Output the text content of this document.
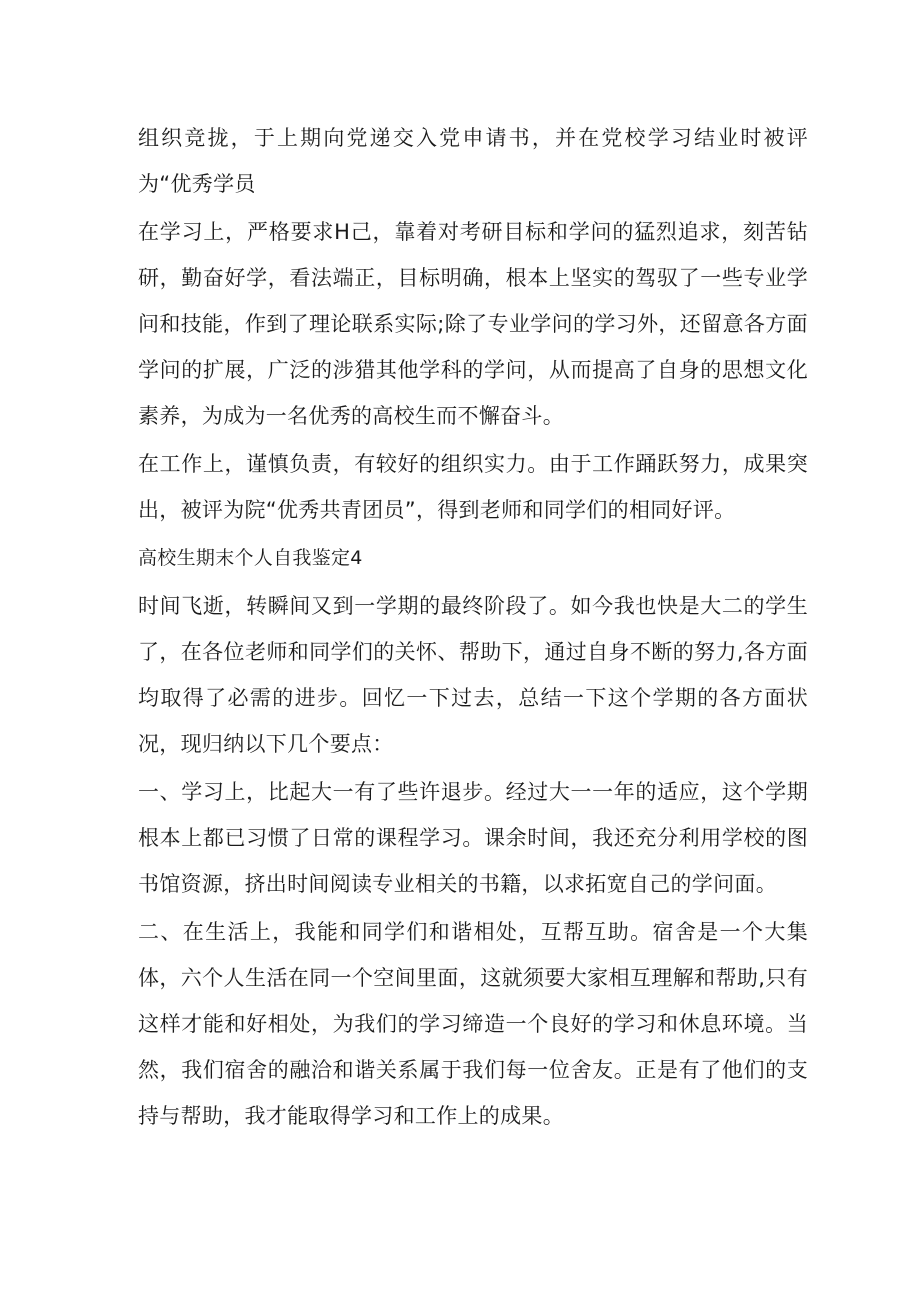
组织竞拢，于上期向党递交入党申请书，并在党校学习结业时被评为“优秀学员

在学习上，严格要求H己，靠着对考研目标和学问的猛烈追求，刻苦钻研，勤奋好学，看法端正，目标明确，根本上坚实的驾驭了一些专业学问和技能，作到了理论联系实际;除了专业学问的学习外，还留意各方面学问的扩展，广泛的涉猎其他学科的学问，从而提高了自身的思想文化素养，为成为一名优秀的高校生而不懈奋斗。

在工作上，谨慎负责，有较好的组织实力。由于工作踊跃努力，成果突出，被评为院“优秀共青团员”，得到老师和同学们的相同好评。

高校生期末个人自我鉴定4

时间飞逝，转瞬间又到一学期的最终阶段了。如今我也快是大二的学生了，在各位老师和同学们的关怀、帮助下，通过自身不断的努力,各方面均取得了必需的进步。回忆一下过去，总结一下这个学期的各方面状况，现归纳以下几个要点：

一、学习上，比起大一有了些许退步。经过大一一年的适应，这个学期根本上都已习惯了日常的课程学习。课余时间，我还充分利用学校的图书馆资源，挤出时间阅读专业相关的书籍，以求拓宽自己的学问面。

二、在生活上，我能和同学们和谐相处，互帮互助。宿舍是一个大集体，六个人生活在同一个空间里面，这就须要大家相互理解和帮助,只有这样才能和好相处，为我们的学习缔造一个良好的学习和休息环境。当然，我们宿舍的融洽和谐关系属于我们每一位舍友。正是有了他们的支持与帮助，我才能取得学习和工作上的成果。
